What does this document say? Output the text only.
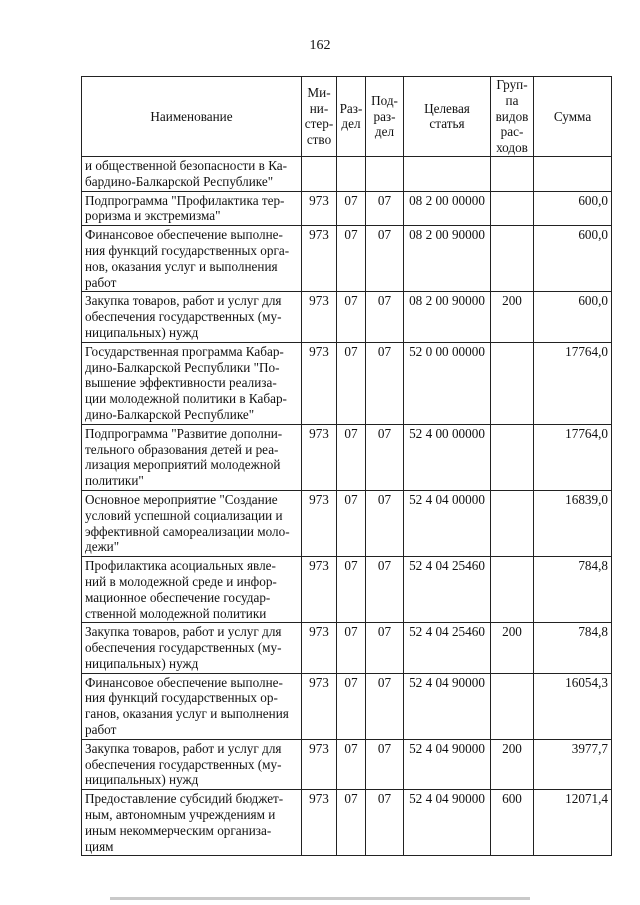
162
Наименование	Ми-
ни-
стер-
ство	Раз-
дел	Под-
раз-
дел	Целевая
статья	Груп-
па
видов
рас-
ходов	Сумма
и общественной безопасности в Ка-
бардино-Балкарской Республике"						
Подпрограмма "Профилактика тер-
роризма и экстремизма"	973	07	07	08 2 00 00000		600,0
Финансовое обеспечение выполне-
ния функций государственных орга-
нов, оказания услуг и выполнения
работ	973	07	07	08 2 00 90000		600,0
Закупка товаров, работ и услуг для
обеспечения государственных (му-
ниципальных) нужд	973	07	07	08 2 00 90000	200	600,0
Государственная программа Кабар-
дино-Балкарской Республики "По-
вышение эффективности реализа-
ции молодежной политики в Кабар-
дино-Балкарской Республике"	973	07	07	52 0 00 00000		17764,0
Подпрограмма "Развитие дополни-
тельного образования детей и реа-
лизация мероприятий молодежной
политики"	973	07	07	52 4 00 00000		17764,0
Основное мероприятие "Создание
условий успешной социализации и
эффективной самореализации моло-
дежи"	973	07	07	52 4 04 00000		16839,0
Профилактика асоциальных явле-
ний в молодежной среде и инфор-
мационное обеспечение государ-
ственной молодежной политики	973	07	07	52 4 04 25460		784,8
Закупка товаров, работ и услуг для
обеспечения государственных (му-
ниципальных) нужд	973	07	07	52 4 04 25460	200	784,8
Финансовое обеспечение выполне-
ния функций государственных ор-
ганов, оказания услуг и выполнения
работ	973	07	07	52 4 04 90000		16054,3
Закупка товаров, работ и услуг для
обеспечения государственных (му-
ниципальных) нужд	973	07	07	52 4 04 90000	200	3977,7
Предоставление субсидий бюджет-
ным, автономным учреждениям и
иным некоммерческим организа-
циям	973	07	07	52 4 04 90000	600	12071,4
